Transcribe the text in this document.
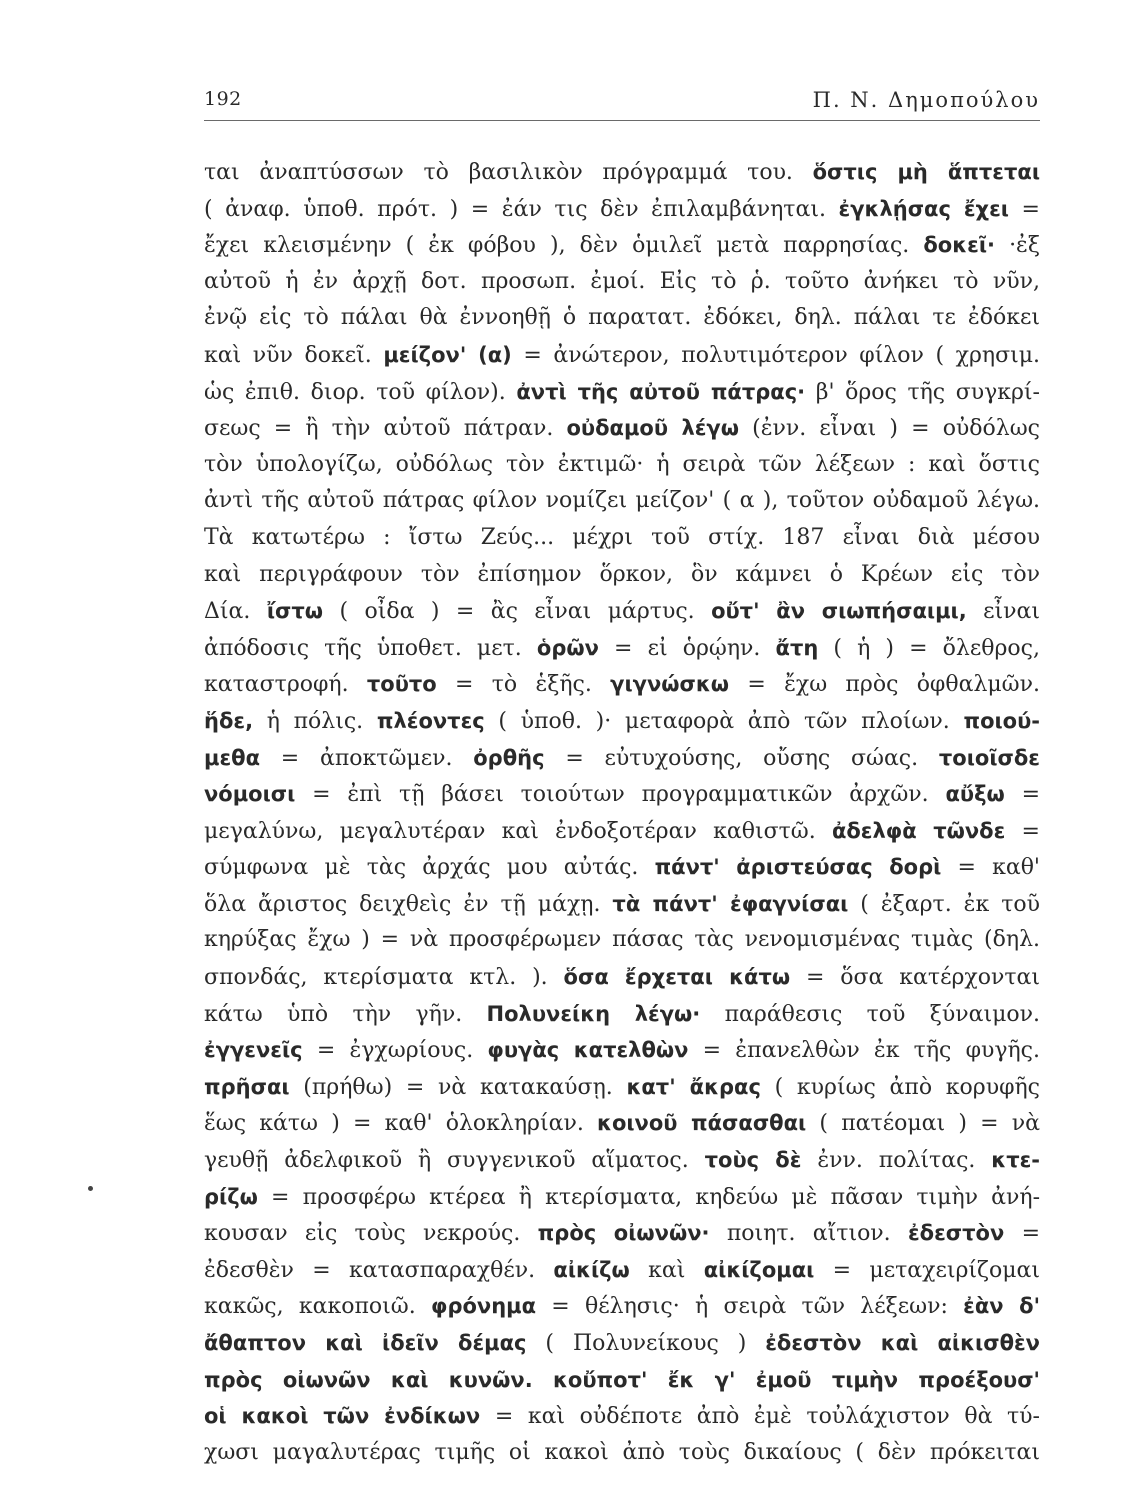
192	Π. Ν. Δημοπούλου
ται ἀναπτύσσων τὸ βασιλικὸν πρόγραμμά του. ὅστις μὴ ἅπτεται
( ἀναφ. ὑποθ. πρότ. ) = ἐάν τις δὲν ἐπιλαμβάνηται. ἐγκλῄσας ἔχει =
ἔχει κλεισμένην ( ἐκ φόβου ), δὲν ὁμιλεῖ μετὰ παρρησίας. δοκεῖ· ·ἐξ
αὐτοῦ ἡ ἐν ἀρχῇ δοτ. προσωπ. ἐμοί. Εἰς τὸ ῥ. τοῦτο ἀνήκει τὸ νῦν,
ἐνῷ εἰς τὸ πάλαι θὰ ἐννοηθῇ ὁ παρατατ. ἐδόκει, δηλ. πάλαι τε ἐδόκει
καὶ νῦν δοκεῖ. μείζον' (α) = ἀνώτερον, πολυτιμότερον φίλον ( χρησιμ.
ὡς ἐπιθ. διορ. τοῦ φίλον). ἀντὶ τῆς αὐτοῦ πάτρας· β' ὅρος τῆς συγκρί-
σεως = ἢ τὴν αὐτοῦ πάτραν. οὐδαμοῦ λέγω (ἐνν. εἶναι ) = οὐδόλως
τὸν ὑπολογίζω, οὐδόλως τὸν ἐκτιμῶ· ἡ σειρὰ τῶν λέξεων : καὶ ὅστις
ἀντὶ τῆς αὐτοῦ πάτρας φίλον νομίζει μείζον' ( α ), τοῦτον οὐδαμοῦ λέγω.
Τὰ κατωτέρω : ἴστω Ζεύς... μέχρι τοῦ στίχ. 187 εἶναι διὰ μέσου
καὶ περιγράφουν τὸν ἐπίσημον ὅρκον, ὃν κάμνει ὁ Κρέων εἰς τὸν
Δία. ἴστω ( οἶδα ) = ἂς εἶναι μάρτυς. οὔτ' ἂν σιωπήσαιμι, εἶναι
ἀπόδοσις τῆς ὑποθετ. μετ. ὁρῶν = εἰ ὁρῴην. ἄτη ( ἡ ) = ὄλεθρος,
καταστροφή. τοῦτο = τὸ ἑξῆς. γιγνώσκω = ἔχω πρὸς ὀφθαλμῶν.
ἥδε, ἡ πόλις. πλέοντες ( ὑποθ. )· μεταφορὰ ἀπὸ τῶν πλοίων. ποιού-
μεθα = ἀποκτῶμεν. ὀρθῆς = εὐτυχούσης, οὔσης σώας. τοιοῖσδε
νόμοισι = ἐπὶ τῇ βάσει τοιούτων προγραμματικῶν ἀρχῶν. αὔξω =
μεγαλύνω, μεγαλυτέραν καὶ ἐνδοξοτέραν καθιστῶ. ἀδελφὰ τῶνδε =
σύμφωνα μὲ τὰς ἀρχάς μου αὐτάς. πάντ' ἀριστεύσας δορὶ = καθ'
ὅλα ἄριστος δειχθεὶς ἐν τῇ μάχῃ. τὰ πάντ' ἐφαγνίσαι ( ἐξαρτ. ἐκ τοῦ
κηρύξας ἔχω ) = νὰ προσφέρωμεν πάσας τὰς νενομισμένας τιμὰς (δηλ.
σπονδάς, κτερίσματα κτλ. ). ὅσα ἔρχεται κάτω = ὅσα κατέρχονται
κάτω ὑπὸ τὴν γῆν. Πολυνείκη λέγω· παράθεσις τοῦ ξύναιμον.
ἐγγενεῖς = ἐγχωρίους. φυγὰς κατελθὼν = ἐπανελθὼν ἐκ τῆς φυγῆς.
πρῆσαι (πρήθω) = νὰ κατακαύσῃ. κατ' ἄκρας ( κυρίως ἀπὸ κορυφῆς
ἕως κάτω ) = καθ' ὁλοκληρίαν. κοινοῦ πάσασθαι ( πατέομαι ) = νὰ
γευθῇ ἀδελφικοῦ ἢ συγγενικοῦ αἵματος. τοὺς δὲ ἐνν. πολίτας. κτε-
ρίζω = προσφέρω κτέρεα ἢ κτερίσματα, κηδεύω μὲ πᾶσαν τιμὴν ἀνή-
κουσαν εἰς τοὺς νεκρούς. πρὸς οἰωνῶν· ποιητ. αἴτιον. ἐδεστὸν =
ἐδεσθὲν = κατασπαραχθέν. αἰκίζω καὶ αἰκίζομαι = μεταχειρίζομαι
κακῶς, κακοποιῶ. φρόνημα = θέλησις· ἡ σειρὰ τῶν λέξεων: ἐὰν δ'
ἄθαπτον καὶ ἰδεῖν δέμας ( Πολυνείκους ) ἐδεστὸν καὶ αἰκισθὲν
πρὸς οἰωνῶν καὶ κυνῶν. κοὔποτ' ἔκ γ' ἐμοῦ τιμὴν προέξουσ'
οἱ κακοὶ τῶν ἐνδίκων = καὶ οὐδέποτε ἀπὸ ἐμὲ τοὐλάχιστον θὰ τύ-
χωσι μαγαλυτέρας τιμῆς οἱ κακοὶ ἀπὸ τοὺς δικαίους ( δὲν πρόκειται
